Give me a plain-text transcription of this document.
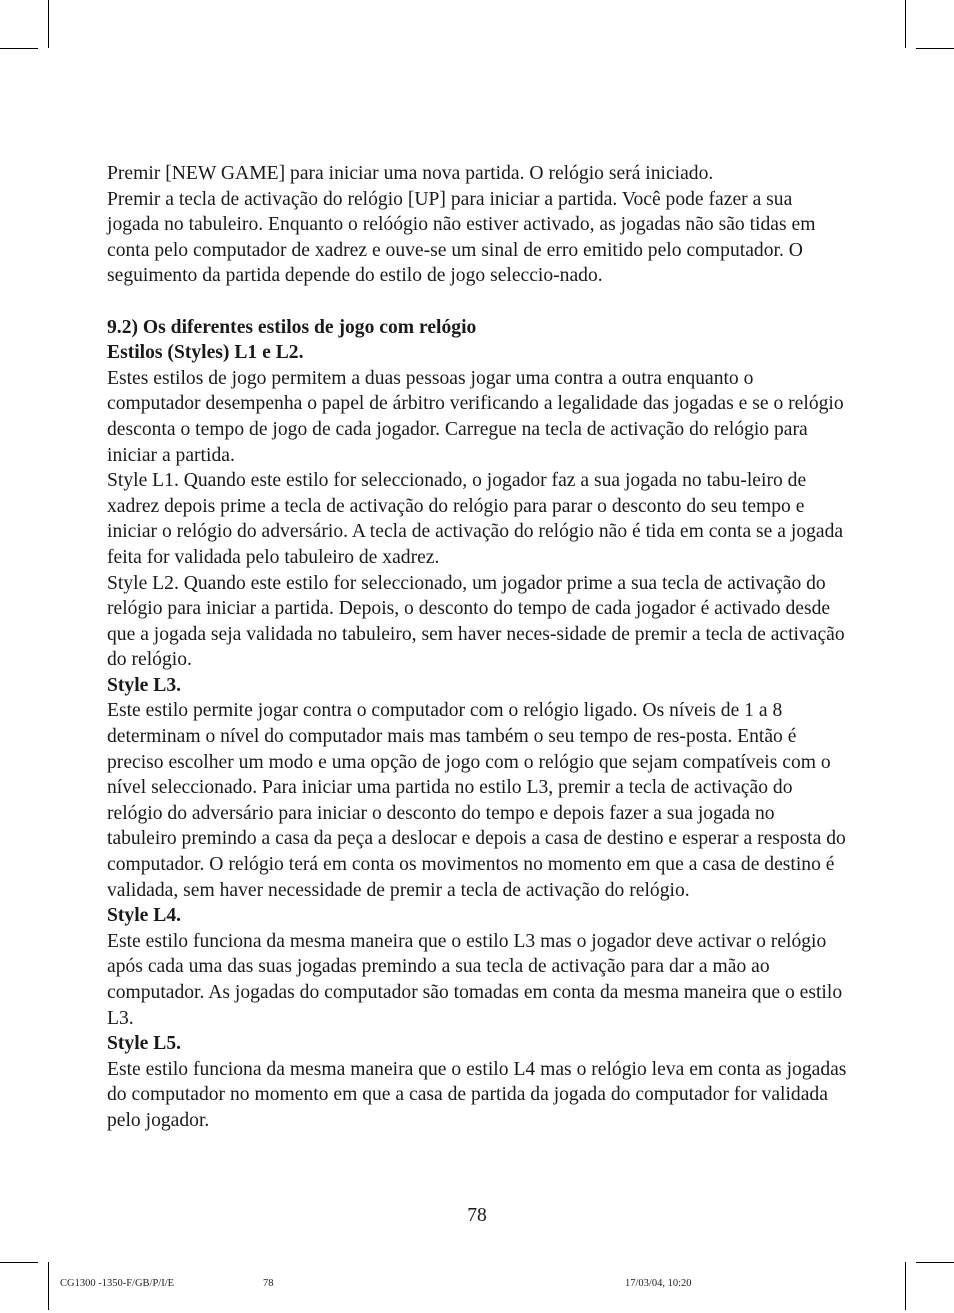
Premir [NEW GAME] para iniciar uma nova partida. O relógio será iniciado.

Premir a tecla de activação do relógio [UP] para iniciar a partida. Você pode fazer a sua jogada no tabuleiro. Enquanto o relóógio não estiver activado, as jogadas não são tidas em conta pelo computador de xadrez e ouve-se um sinal de erro emitido pelo computador. O seguimento da partida depende do estilo de jogo seleccio-nado.

9.2) Os diferentes estilos de jogo com relógio
Estilos (Styles) L1 e L2.

Estes estilos de jogo permitem a duas pessoas jogar uma contra a outra enquanto o computador desempenha o papel de árbitro verificando a legalidade das jogadas e se o relógio desconta o tempo de jogo de cada jogador. Carregue na tecla de activação do relógio para iniciar a partida.

Style L1. Quando este estilo for seleccionado, o jogador faz a sua jogada no tabu-leiro de xadrez depois prime a tecla de activação do relógio para parar o desconto do seu tempo e iniciar o relógio do adversário. A tecla de activação do relógio não é tida em conta se a jogada feita for validada pelo tabuleiro de xadrez.

Style L2. Quando este estilo for seleccionado, um jogador prime a sua tecla de activação do relógio para iniciar a partida. Depois, o desconto do tempo de cada jogador é activado desde que a jogada seja validada no tabuleiro, sem haver neces-sidade de premir a tecla de activação do relógio.

Style L3.

Este estilo permite jogar contra o computador com o relógio ligado. Os níveis de 1 a 8 determinam o nível do computador mais mas também o seu tempo de res-posta. Então é preciso escolher um modo e uma opção de jogo com o relógio que sejam compatíveis com o nível seleccionado. Para iniciar uma partida no estilo L3, premir a tecla de activação do relógio do adversário para iniciar o desconto do tempo e depois fazer a sua jogada no tabuleiro premindo a casa da peça a deslocar e depois a casa de destino e esperar a resposta do computador. O relógio terá em conta os movimentos no momento em que a casa de destino é validada, sem haver necessidade de premir a tecla de activação do relógio.

Style L4.

Este estilo funciona da mesma maneira que o estilo L3 mas o jogador deve activar o relógio após cada uma das suas jogadas premindo a sua tecla de activação para dar a mão ao computador. As jogadas do computador são tomadas em conta da mesma maneira que o estilo L3.

Style L5.

Este estilo funciona da mesma maneira que o estilo L4 mas o relógio leva em conta as jogadas do computador no momento em que a casa de partida da jogada do computador for validada pelo jogador.

78
CG1300 -1350-F/GB/P/I/E	78	17/03/04, 10:20
